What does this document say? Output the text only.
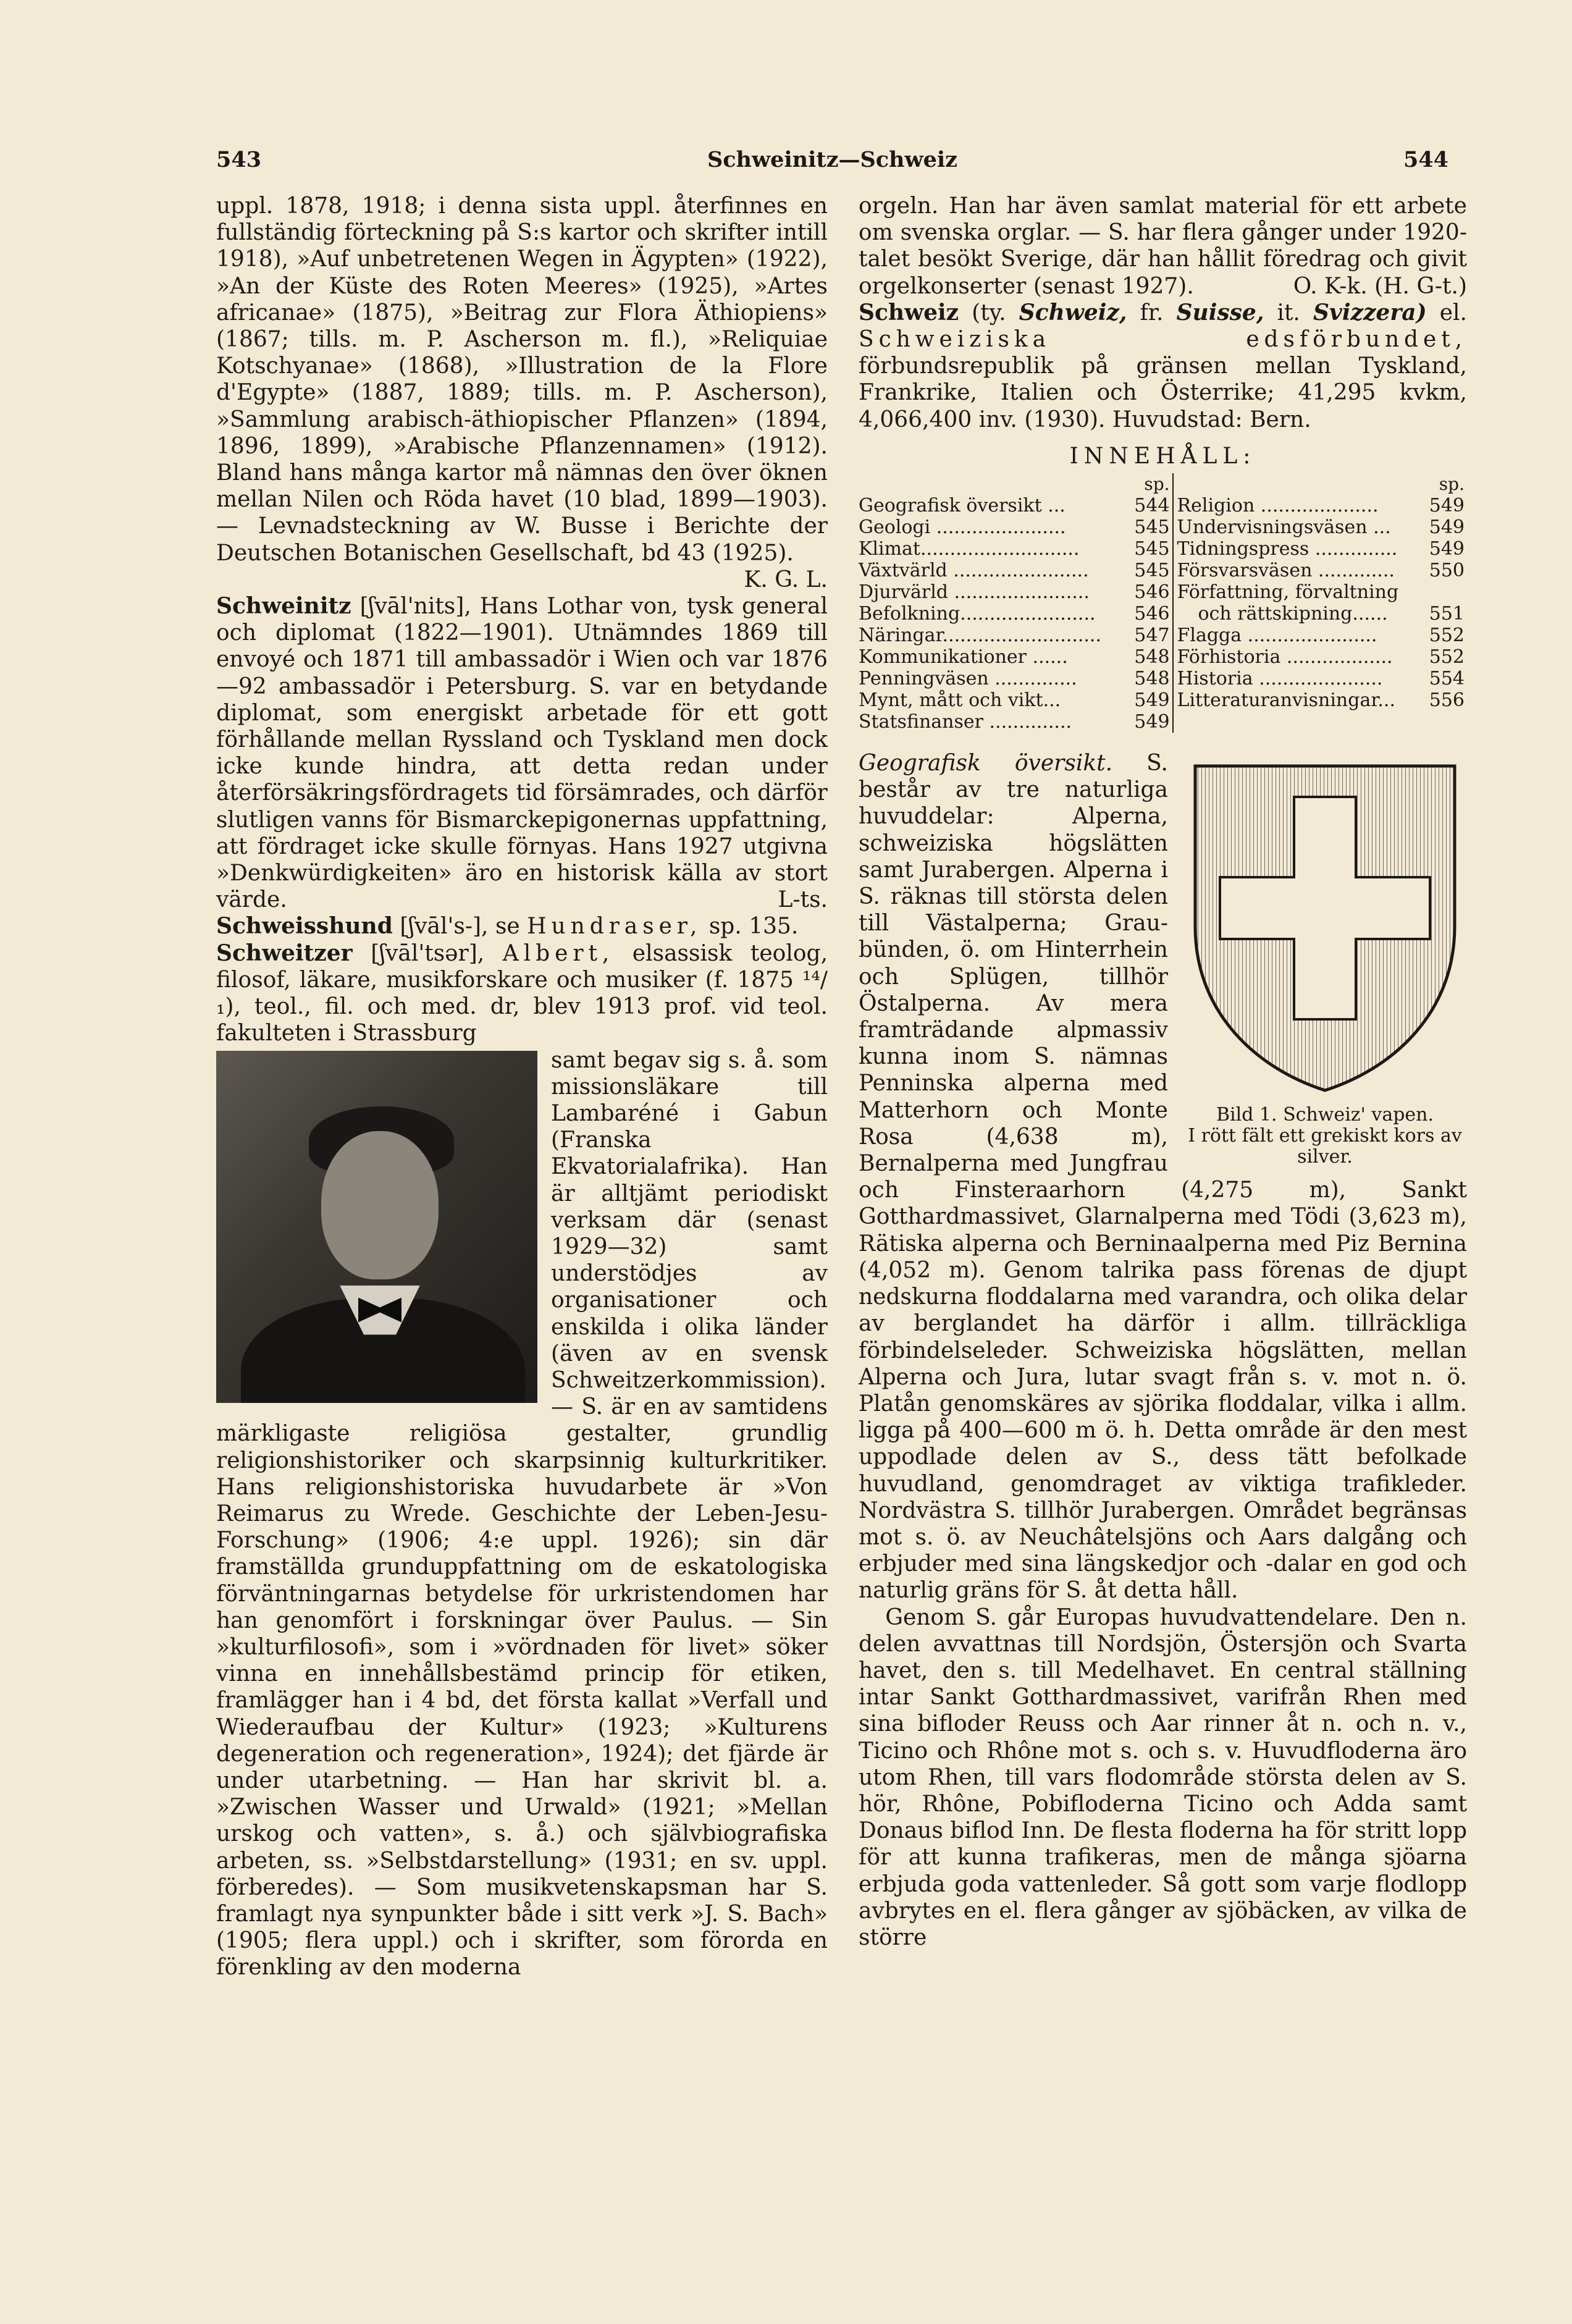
543	Schweinitz—Schweiz	544

uppl. 1878, 1918; i denna sista uppl. återfinnes en fullständig förteckning på S:s kartor och skrifter intill 1918), »Auf unbetretenen Wegen in Ägypten» (1922), »An der Küste des Roten Meeres» (1925), »Artes africanae» (1875), »Beitrag zur Flora Äthiopiens» (1867; tills. m. P. Ascherson m. fl.), »Reliquiae Kotschyanae» (1868), »Illustration de la Flore d'Egypte» (1887, 1889; tills. m. P. Ascherson), »Sammlung arabisch-äthiopischer Pflanzen» (1894, 1896, 1899), »Arabische Pflanzennamen» (1912). Bland hans många kartor må nämnas den över öknen mellan Nilen och Röda havet (10 blad, 1899—1903). — Levnadsteckning av W. Busse i Berichte der Deutschen Botanischen Gesellschaft, bd 43 (1925).
K. G. L.

Schweinitz [ʃvāl'nits], Hans Lothar von, tysk general och diplomat (1822—1901). Utnämndes 1869 till envoyé och 1871 till ambassadör i Wien och var 1876—92 ambassadör i Petersburg. S. var en betydande diplomat, som energiskt arbetade för ett gott förhållande mellan Ryssland och Tyskland men dock icke kunde hindra, att detta redan under återförsäkringsfördragets tid försämrades, och därför slutligen vanns för Bismarckepigonernas uppfattning, att fördraget icke skulle förnyas. Hans 1927 utgivna »Denkwürdigkeiten» äro en historisk källa av stort värde.	L-ts.

Schweisshund [ʃvāl's-], se Hundraser, sp. 135.

Schweitzer [ʃvāl'tsər], Albert, elsassisk teolog, filosof, läkare, musikforskare och musiker (f. 1875 ¹⁴/₁), teol., fil. och med. dr, blev 1913 prof. vid teol. fakulteten i Strassburg

samt begav sig s. å. som missionsläkare till Lambaréné i Gabun (Franska Ekvatorialafrika). Han är alltjämt periodiskt verksam där (senast 1929—32) samt understödjes av organisationer och enskilda i olika länder (även av en svensk Schweitzerkommission). — S. är en av samtidens märkligaste religiösa gestalter, grundlig religionshistoriker och skarpsinnig kulturkritiker. Hans religionshistoriska huvudarbete är »Von Reimarus zu Wrede. Geschichte der Leben-Jesu-Forschung» (1906; 4:e uppl. 1926); sin där framställda grunduppfattning om de eskatologiska förväntningarnas betydelse för urkristendomen har han genomfört i forskningar över Paulus. — Sin »kulturfilosofi», som i »vördnaden för livet» söker vinna en innehållsbestämd princip för etiken, framlägger han i 4 bd, det första kallat »Verfall und Wiederaufbau der Kultur» (1923; »Kulturens degeneration och regeneration», 1924); det fjärde är under utarbetning. — Han har skrivit bl. a. »Zwischen Wasser und Urwald» (1921; »Mellan urskog och vatten», s. å.) och självbiografiska arbeten, ss. »Selbstdarstellung» (1931; en sv. uppl. förberedes). — Som musikvetenskapsman har S. framlagt nya synpunkter både i sitt verk »J. S. Bach» (1905; flera uppl.) och i skrifter, som förorda en förenkling av den moderna

orgeln. Han har även samlat material för ett arbete om svenska orglar. — S. har flera gånger under 1920-talet besökt Sverige, där han hållit föredrag och givit orgelkonserter (senast 1927).	O. K-k. (H. G-t.)

Schweiz (ty. Schweiz, fr. Suisse, it. Svizzera) el. Schweiziska edsförbundet, förbundsrepublik på gränsen mellan Tyskland, Frankrike, Italien och Österrike; 41,295 kvkm, 4,066,400 inv. (1930). Huvudstad: Bern.

INNEHÅLL:
	sp.		sp.
Geografisk översikt ...	544	Religion ....................	549
Geologi ......................	545	Undervisningsväsen ...	549
Klimat...........................	545	Tidningspress ..............	549
Växtvärld .......................	545	Försvarsväsen .............	550
Djurvärld .......................	546	Författning, förvaltning	
Befolkning.......................	546	och rättskipning......	551
Näringar...........................	547	Flagga ......................	552
Kommunikationer ......	548	Förhistoria ..................	552
Penningväsen ..............	548	Historia .....................	554
Mynt, mått och vikt...	549	Litteraturanvisningar...	556
Statsfinanser ..............	549		
Bild 1. Schweiz' vapen.
I rött fält ett grekiskt kors av silver.

Geografisk översikt. S. består av tre naturliga huvuddelar: Alperna, schweiziska högslätten samt Jurabergen. Alperna i S. räknas till största delen till Västalperna; Grau- bünden, ö. om Hinterrhein och Splügen, tillhör Östalperna. Av mera framträdande alpmassiv kunna inom S. nämnas Penninska alperna med Matterhorn och Monte Rosa (4,638 m), Bernalperna med Jungfrau och Finsteraarhorn (4,275 m), Sankt Gotthardmassivet, Glarnalperna med Tödi (3,623 m), Rätiska alperna och Berninaalperna med Piz Bernina (4,052 m). Genom talrika pass förenas de djupt nedskurna floddalarna med varandra, och olika delar av berglandet ha därför i allm. tillräckliga förbindelseleder. Schweiziska högslätten, mellan Alperna och Jura, lutar svagt från s. v. mot n. ö. Platån genomskäres av sjörika floddalar, vilka i allm. ligga på 400—600 m ö. h. Detta område är den mest uppodlade delen av S., dess tätt befolkade huvudland, genomdraget av viktiga trafikleder. Nordvästra S. tillhör Jurabergen. Området begränsas mot s. ö. av Neuchâtelsjöns och Aars dalgång och erbjuder med sina längskedjor och -dalar en god och naturlig gräns för S. åt detta håll.

Genom S. går Europas huvudvattendelare. Den n. delen avvattnas till Nordsjön, Östersjön och Svarta havet, den s. till Medelhavet. En central ställning intar Sankt Gotthardmassivet, varifrån Rhen med sina bifloder Reuss och Aar rinner åt n. och n. v., Ticino och Rhône mot s. och s. v. Huvudfloderna äro utom Rhen, till vars flodområde största delen av S. hör, Rhône, Pobifloderna Ticino och Adda samt Donaus biflod Inn. De flesta floderna ha för stritt lopp för att kunna trafikeras, men de många sjöarna erbjuda goda vattenleder. Så gott som varje flodlopp avbrytes en el. flera gånger av sjöbäcken, av vilka de större
